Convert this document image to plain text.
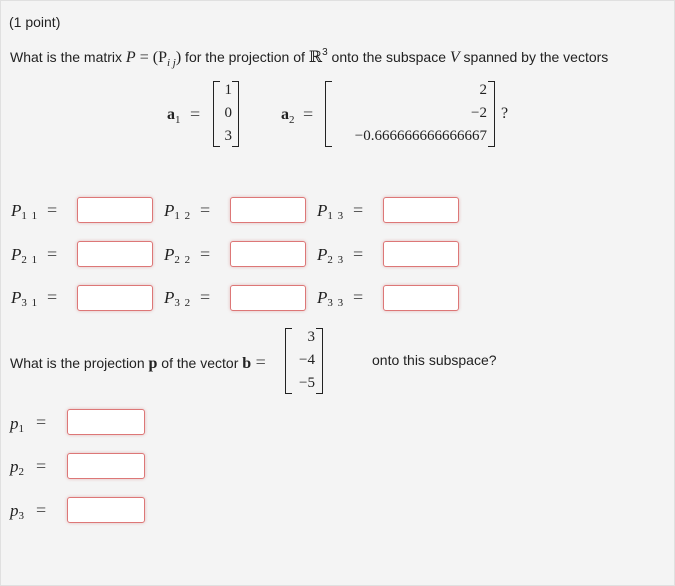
(1 point)
What is the matrix $P = (P_{i j})$ for the projection of ℝ$^3$ onto the subspace V spanned by the vectors
$a_1$ =
1
0
3
$a_2$ =
2
−2
−0.666666666666667
?
P1 1 =	P1 2 =	P1 3 =
P2 1 =	P2 2 =	P2 3 =
P3 1 =	P3 2 =	P3 3 =
What is the projection p of the vector b =
3
−4
−5
onto this subspace?
p1 =
p2 =
p3 =
